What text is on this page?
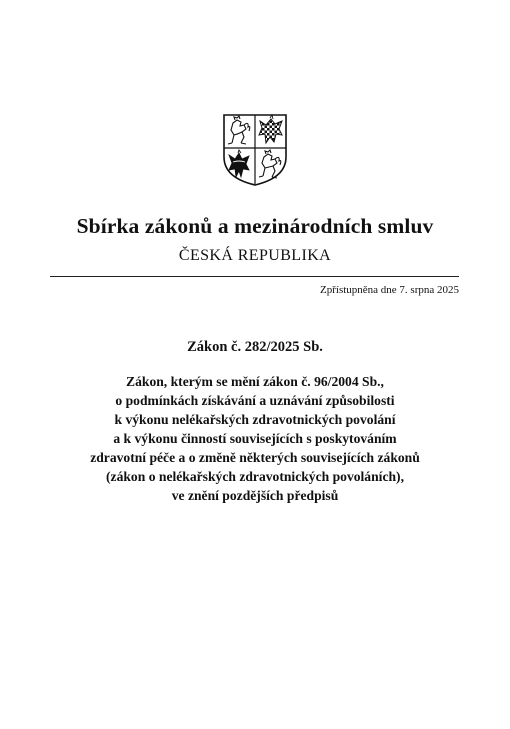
Sbírka zákonů a mezinárodních smluv
ČESKÁ REPUBLIKA
Zpřístupněna dne 7. srpna 2025
Zákon č. 282/2025 Sb.

Zákon, kterým se mění zákon č. 96/2004 Sb.,
o podmínkách získávání a uznávání způsobilosti
k výkonu nelékařských zdravotnických povolání
a k výkonu činností souvisejících s poskytováním
zdravotní péče a o změně některých souvisejících zákonů
(zákon o nelékařských zdravotnických povoláních),
ve znění pozdějších předpisů
